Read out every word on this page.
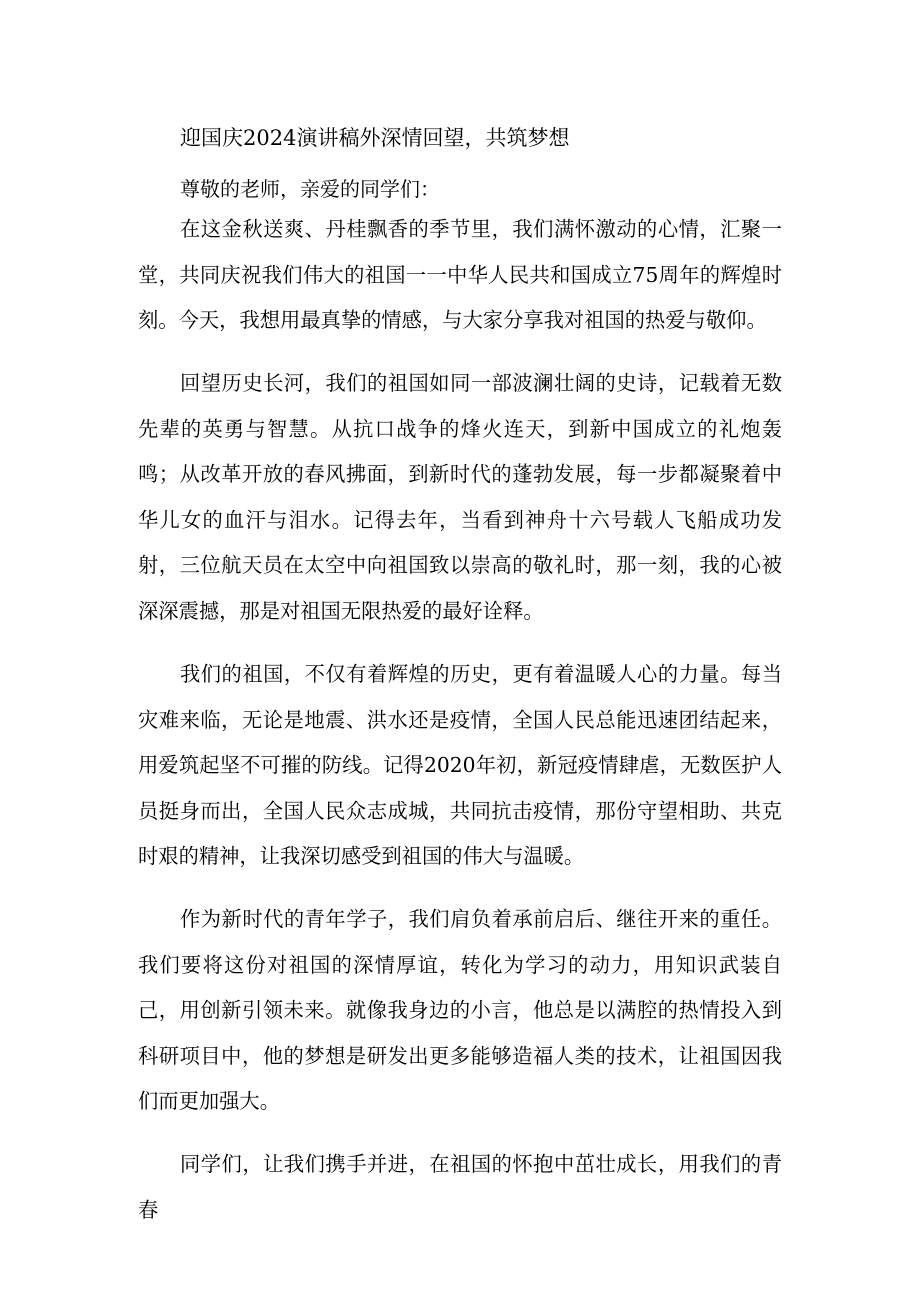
迎国庆2024演讲稿外深情回望，共筑梦想

尊敬的老师，亲爱的同学们：

在这金秋送爽、丹桂飘香的季节里，我们满怀激动的心情，汇聚一堂，共同庆祝我们伟大的祖国一一中华人民共和国成立75周年的辉煌时刻。今天，我想用最真挚的情感，与大家分享我对祖国的热爱与敬仰。

回望历史长河，我们的祖国如同一部波澜壮阔的史诗，记载着无数先辈的英勇与智慧。从抗口战争的烽火连天，到新中国成立的礼炮轰鸣；从改革开放的春风拂面，到新时代的蓬勃发展，每一步都凝聚着中华儿女的血汗与泪水。记得去年，当看到神舟十六号载人飞船成功发射，三位航天员在太空中向祖国致以崇高的敬礼时，那一刻，我的心被深深震撼，那是对祖国无限热爱的最好诠释。

我们的祖国，不仅有着辉煌的历史，更有着温暖人心的力量。每当灾难来临，无论是地震、洪水还是疫情，全国人民总能迅速团结起来，用爱筑起坚不可摧的防线。记得2020年初，新冠疫情肆虐，无数医护人员挺身而出，全国人民众志成城，共同抗击疫情，那份守望相助、共克时艰的精神，让我深切感受到祖国的伟大与温暖。

作为新时代的青年学子，我们肩负着承前启后、继往开来的重任。我们要将这份对祖国的深情厚谊，转化为学习的动力，用知识武装自己，用创新引领未来。就像我身边的小言，他总是以满腔的热情投入到科研项目中，他的梦想是研发出更多能够造福人类的技术，让祖国因我们而更加强大。

同学们，让我们携手并进，在祖国的怀抱中茁壮成长，用我们的青春
